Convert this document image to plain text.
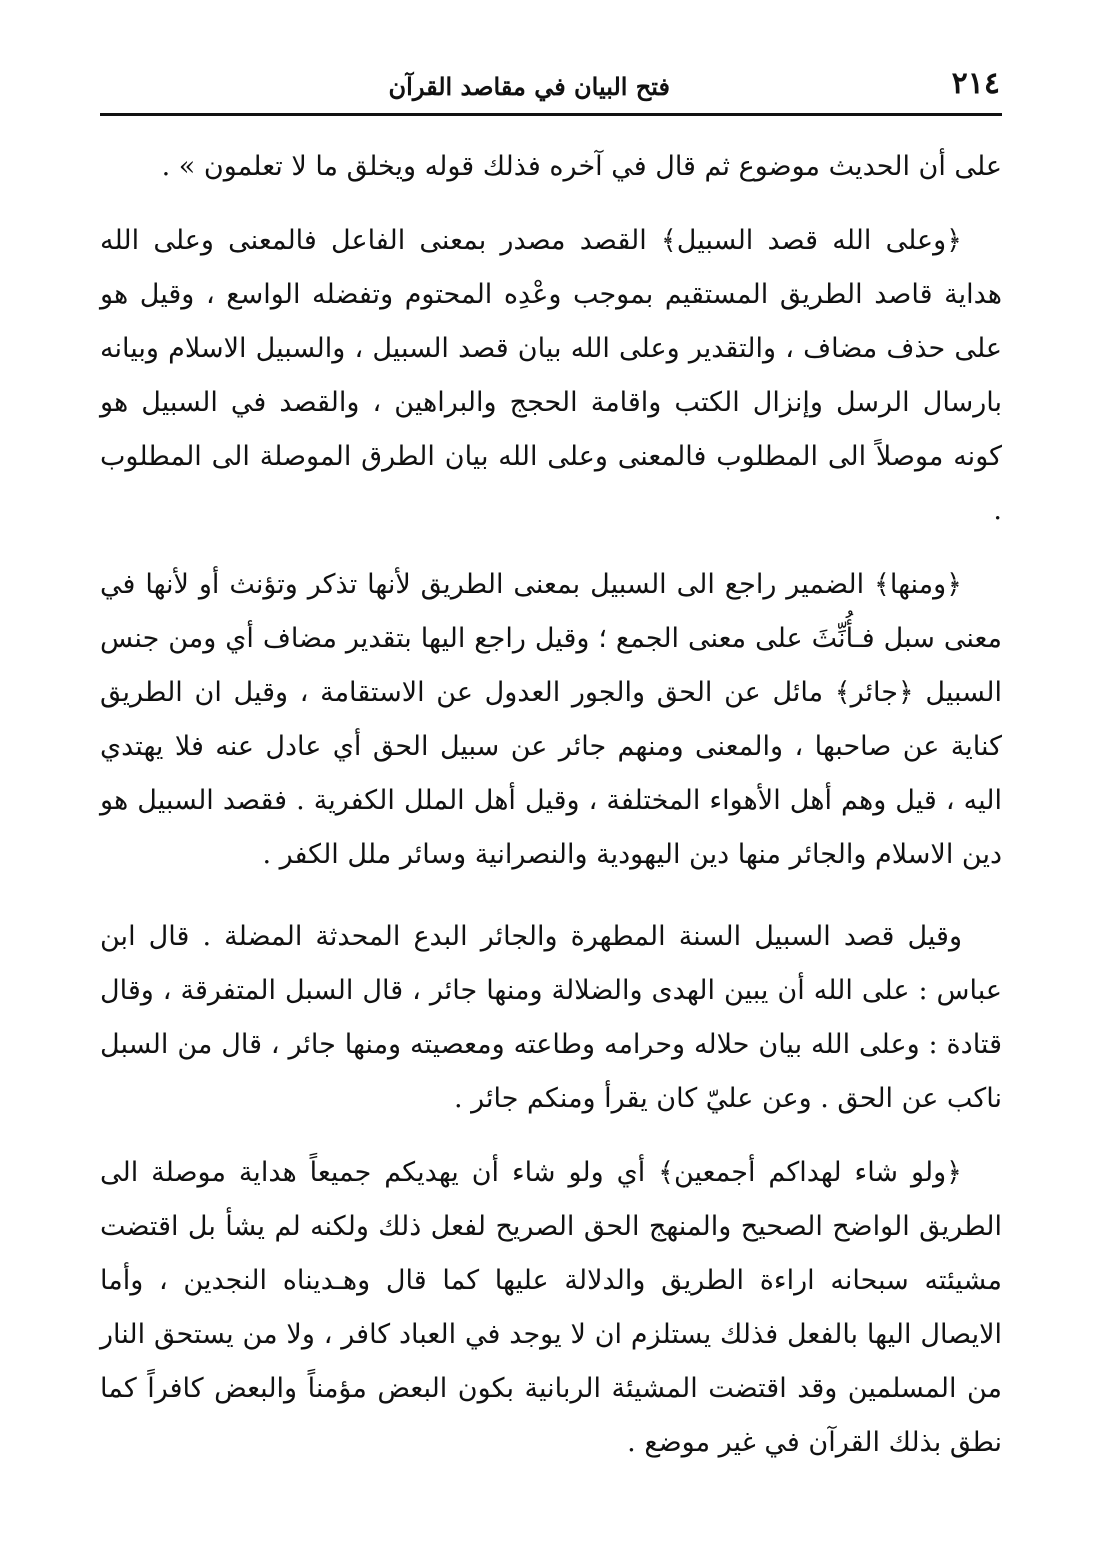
٢١٤
فتح البيان في مقاصد القرآن

على أن الحديث موضوع ثم قال في آخره فذلك قوله ويخلق ما لا تعلمون » .

﴿وعلى الله قصد السبيل﴾ القصد مصدر بمعنى الفاعل فالمعنى وعلى الله هداية قاصد الطريق المستقيم بموجب وعْدِه المحتوم وتفضله الواسع ، وقيل هو على حذف مضاف ، والتقدير وعلى الله بيان قصد السبيل ، والسبيل الاسلام وبيانه بارسال الرسل وإنزال الكتب واقامة الحجج والبراهين ، والقصد في السبيل هو كونه موصلاً الى المطلوب فالمعنى وعلى الله بيان الطرق الموصلة الى المطلوب .

﴿ومنها﴾ الضمير راجع الى السبيل بمعنى الطريق لأنها تذكر وتؤنث أو لأنها في معنى سبل فـأُنِّثَ على معنى الجمع ؛ وقيل راجع اليها بتقدير مضاف أي ومن جنس السبيل ﴿جائر﴾ مائل عن الحق والجور العدول عن الاستقامة ، وقيل ان الطريق كناية عن صاحبها ، والمعنى ومنهم جائر عن سبيل الحق أي عادل عنه فلا يهتدي اليه ، قيل وهم أهل الأهواء المختلفة ، وقيل أهل الملل الكفرية . فقصد السبيل هو دين الاسلام والجائر منها دين اليهودية والنصرانية وسائر ملل الكفر .

وقيل قصد السبيل السنة المطهرة والجائر البدع المحدثة المضلة . قال ابن عباس : على الله أن يبين الهدى والضلالة ومنها جائر ، قال السبل المتفرقة ، وقال قتادة : وعلى الله بيان حلاله وحرامه وطاعته ومعصيته ومنها جائر ، قال من السبل ناكب عن الحق . وعن عليّ كان يقرأ ومنكم جائر .

﴿ولو شاء لهداكم أجمعين﴾ أي ولو شاء أن يهديكم جميعاً هداية موصلة الى الطريق الواضح الصحيح والمنهج الحق الصريح لفعل ذلك ولكنه لم يشأ بل اقتضت مشيئته سبحانه اراءة الطريق والدلالة عليها كما قال وهـديناه النجدين ، وأما الايصال اليها بالفعل فذلك يستلزم ان لا يوجد في العباد كافر ، ولا من يستحق النار من المسلمين وقد اقتضت المشيئة الربانية بكون البعض مؤمناً والبعض كافراً كما نطق بذلك القرآن في غير موضع .
